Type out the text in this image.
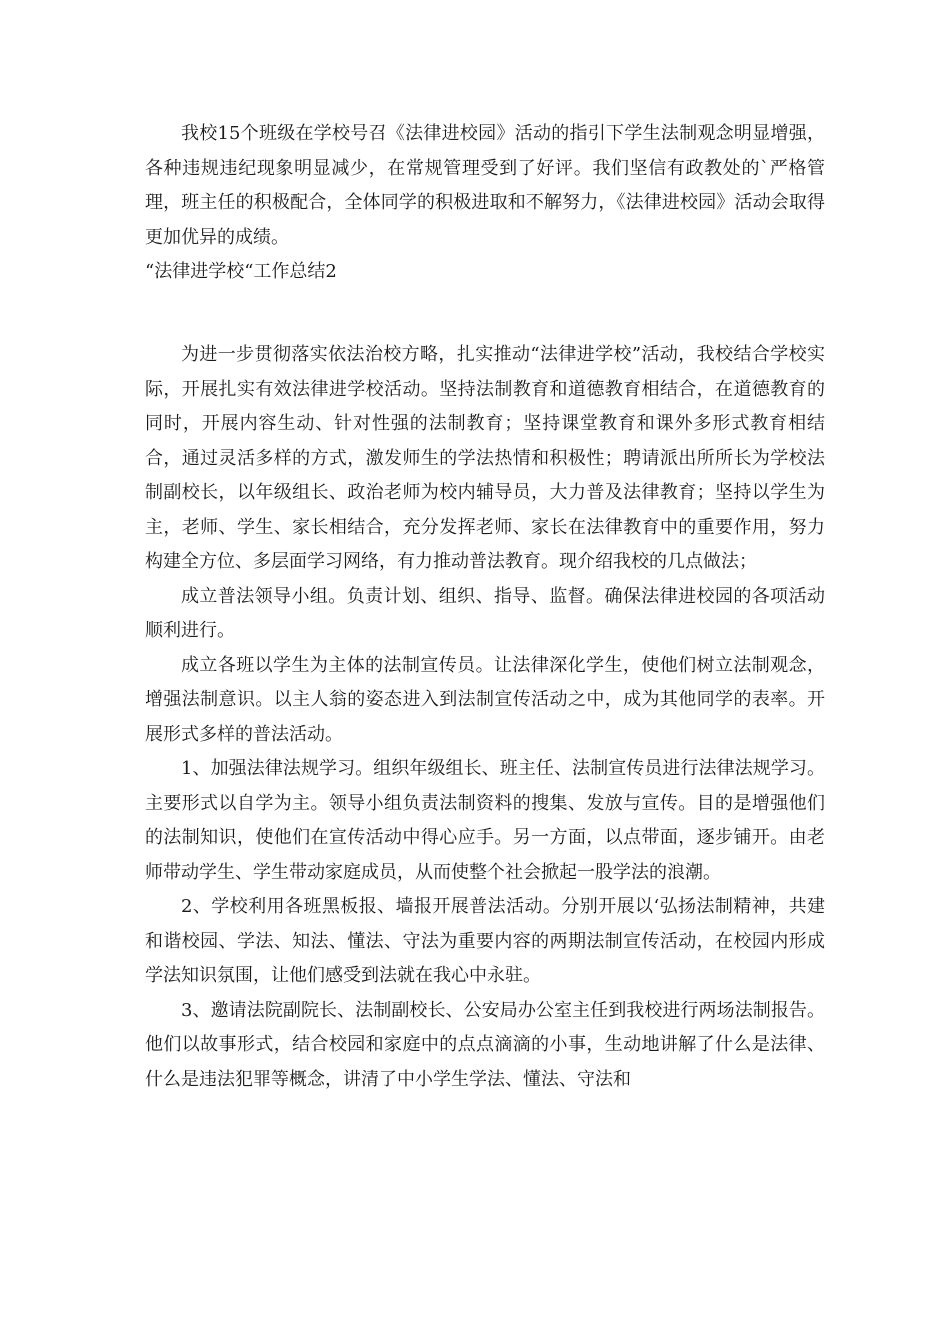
我校15个班级在学校号召《法律进校园》活动的指引下学生法制观念明显增强，各种违规违纪现象明显减少，在常规管理受到了好评。我们坚信有政教处的`严格管理，班主任的积极配合，全体同学的积极进取和不解努力，《法律进校园》活动会取得更加优异的成绩。

“法律进学校“工作总结2

为进一步贯彻落实依法治校方略，扎实推动“法律进学校”活动，我校结合学校实际，开展扎实有效法律进学校活动。坚持法制教育和道德教育相结合，在道德教育的同时，开展内容生动、针对性强的法制教育；坚持课堂教育和课外多形式教育相结合，通过灵活多样的方式，激发师生的学法热情和积极性；聘请派出所所长为学校法制副校长，以年级组长、政治老师为校内辅导员，大力普及法律教育；坚持以学生为主，老师、学生、家长相结合，充分发挥老师、家长在法律教育中的重要作用，努力构建全方位、多层面学习网络，有力推动普法教育。现介绍我校的几点做法；

成立普法领导小组。负责计划、组织、指导、监督。确保法律进校园的各项活动顺利进行。

成立各班以学生为主体的法制宣传员。让法律深化学生，使他们树立法制观念，增强法制意识。以主人翁的姿态进入到法制宣传活动之中，成为其他同学的表率。开展形式多样的普法活动。

1、加强法律法规学习。组织年级组长、班主任、法制宣传员进行法律法规学习。主要形式以自学为主。领导小组负责法制资料的搜集、发放与宣传。目的是增强他们的法制知识，使他们在宣传活动中得心应手。另一方面，以点带面，逐步铺开。由老师带动学生、学生带动家庭成员，从而使整个社会掀起一股学法的浪潮。

2、学校利用各班黑板报、墙报开展普法活动。分别开展以‘弘扬法制精神，共建和谐校园、学法、知法、懂法、守法为重要内容的两期法制宣传活动，在校园内形成学法知识氛围，让他们感受到法就在我心中永驻。

3、邀请法院副院长、法制副校长、公安局办公室主任到我校进行两场法制报告。他们以故事形式，结合校园和家庭中的点点滴滴的小事，生动地讲解了什么是法律、什么是违法犯罪等概念，讲清了中小学生学法、懂法、守法和
